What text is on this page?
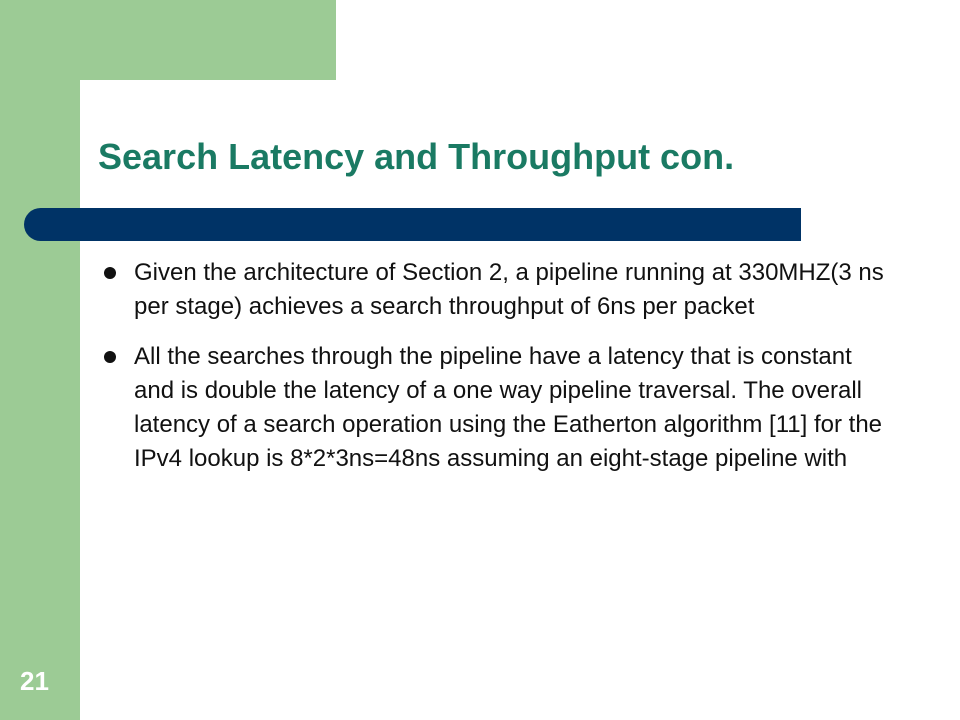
Search Latency and Throughput con.
Given the architecture of Section 2, a pipeline running at 330MHZ(3 ns per stage) achieves a search throughput of 6ns per packet
All the searches through the pipeline have a latency that is constant and is double the latency of a one way pipeline traversal. The overall latency of a search operation using the Eatherton algorithm [11] for the IPv4 lookup is 8*2*3ns=48ns assuming an eight-stage pipeline with
21
